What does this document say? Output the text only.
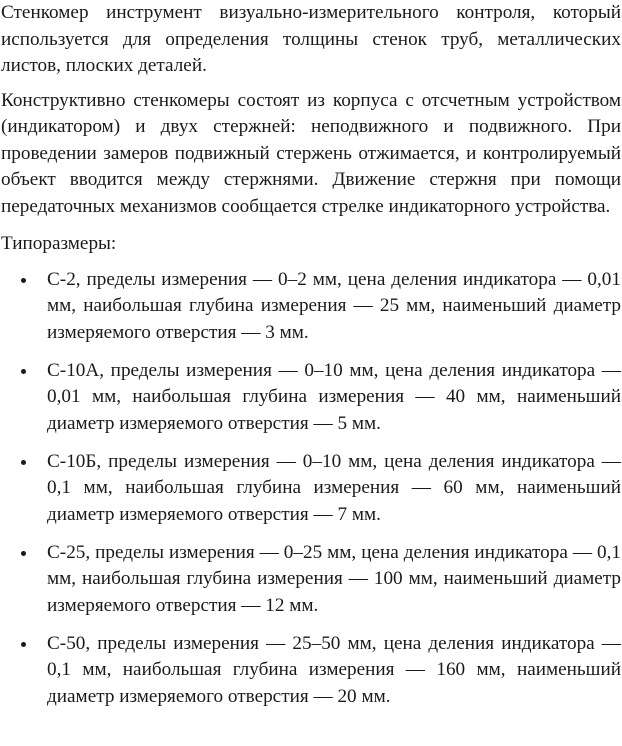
Стенкомер инструмент визуально-измерительного контроля, который используется для определения толщины стенок труб, металлических листов, плоских деталей.

Конструктивно стенкомеры состоят из корпуса с отсчетным устройством (индикатором) и двух стержней: неподвижного и подвижного. При проведении замеров подвижный стержень отжимается, и контролируемый объект вводится между стержнями. Движение стержня при помощи передаточных механизмов сообщается стрелке индикаторного устройства.

Типоразмеры:

С-2, пределы измерения — 0–2 мм, цена деления индикатора — 0,01 мм, наибольшая глубина измерения — 25 мм, наименьший диаметр измеряемого отверстия — 3 мм.
С-10А, пределы измерения — 0–10 мм, цена деления индикатора — 0,01 мм, наибольшая глубина измерения — 40 мм, наименьший диаметр измеряемого отверстия — 5 мм.
С-10Б, пределы измерения — 0–10 мм, цена деления индикатора — 0,1 мм, наибольшая глубина измерения — 60 мм, наименьший диаметр измеряемого отверстия — 7 мм.
С-25, пределы измерения — 0–25 мм, цена деления индикатора — 0,1 мм, наибольшая глубина измерения — 100 мм, наименьший диаметр измеряемого отверстия — 12 мм.
С-50, пределы измерения — 25–50 мм, цена деления индикатора — 0,1 мм, наибольшая глубина измерения — 160 мм, наименьший диаметр измеряемого отверстия — 20 мм.
